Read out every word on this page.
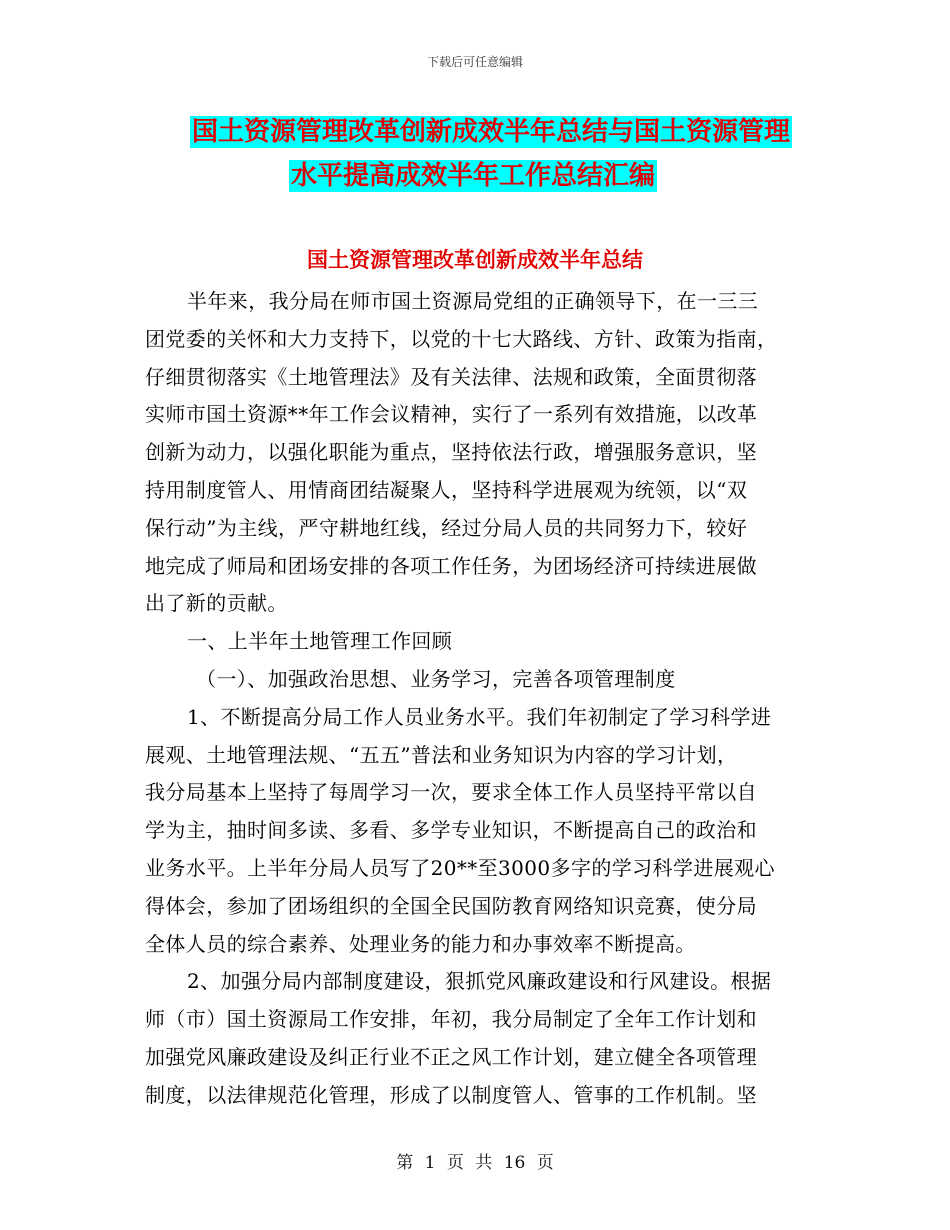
下载后可任意编辑
国土资源管理改革创新成效半年总结与国土资源管理
水平提高成效半年工作总结汇编
国土资源管理改革创新成效半年总结
半年来，我分局在师市国土资源局党组的正确领导下，在一三三
团党委的关怀和大力支持下，以党的十七大路线、方针、政策为指南，
仔细贯彻落实《土地管理法》及有关法律、法规和政策，全面贯彻落
实师市国土资源**年工作会议精神，实行了一系列有效措施，以改革
创新为动力，以强化职能为重点，坚持依法行政，增强服务意识，坚
持用制度管人、用情商团结凝聚人，坚持科学进展观为统领，以“双
保行动”为主线，严守耕地红线，经过分局人员的共同努力下，较好
地完成了师局和团场安排的各项工作任务，为团场经济可持续进展做
出了新的贡献。
一、上半年土地管理工作回顾
（一）、加强政治思想、业务学习，完善各项管理制度
1、不断提高分局工作人员业务水平。我们年初制定了学习科学进
展观、土地管理法规、“五五”普法和业务知识为内容的学习计划，
我分局基本上坚持了每周学习一次，要求全体工作人员坚持平常以自
学为主，抽时间多读、多看、多学专业知识，不断提高自己的政治和
业务水平。上半年分局人员写了20**至3000多字的学习科学进展观心
得体会，参加了团场组织的全国全民国防教育网络知识竞赛，使分局
全体人员的综合素养、处理业务的能力和办事效率不断提高。
2、加强分局内部制度建设，狠抓党风廉政建设和行风建设。根据
师（市）国土资源局工作安排，年初，我分局制定了全年工作计划和
加强党风廉政建设及纠正行业不正之风工作计划，建立健全各项管理
制度，以法律规范化管理，形成了以制度管人、管事的工作机制。坚
第 1 页 共 16 页
